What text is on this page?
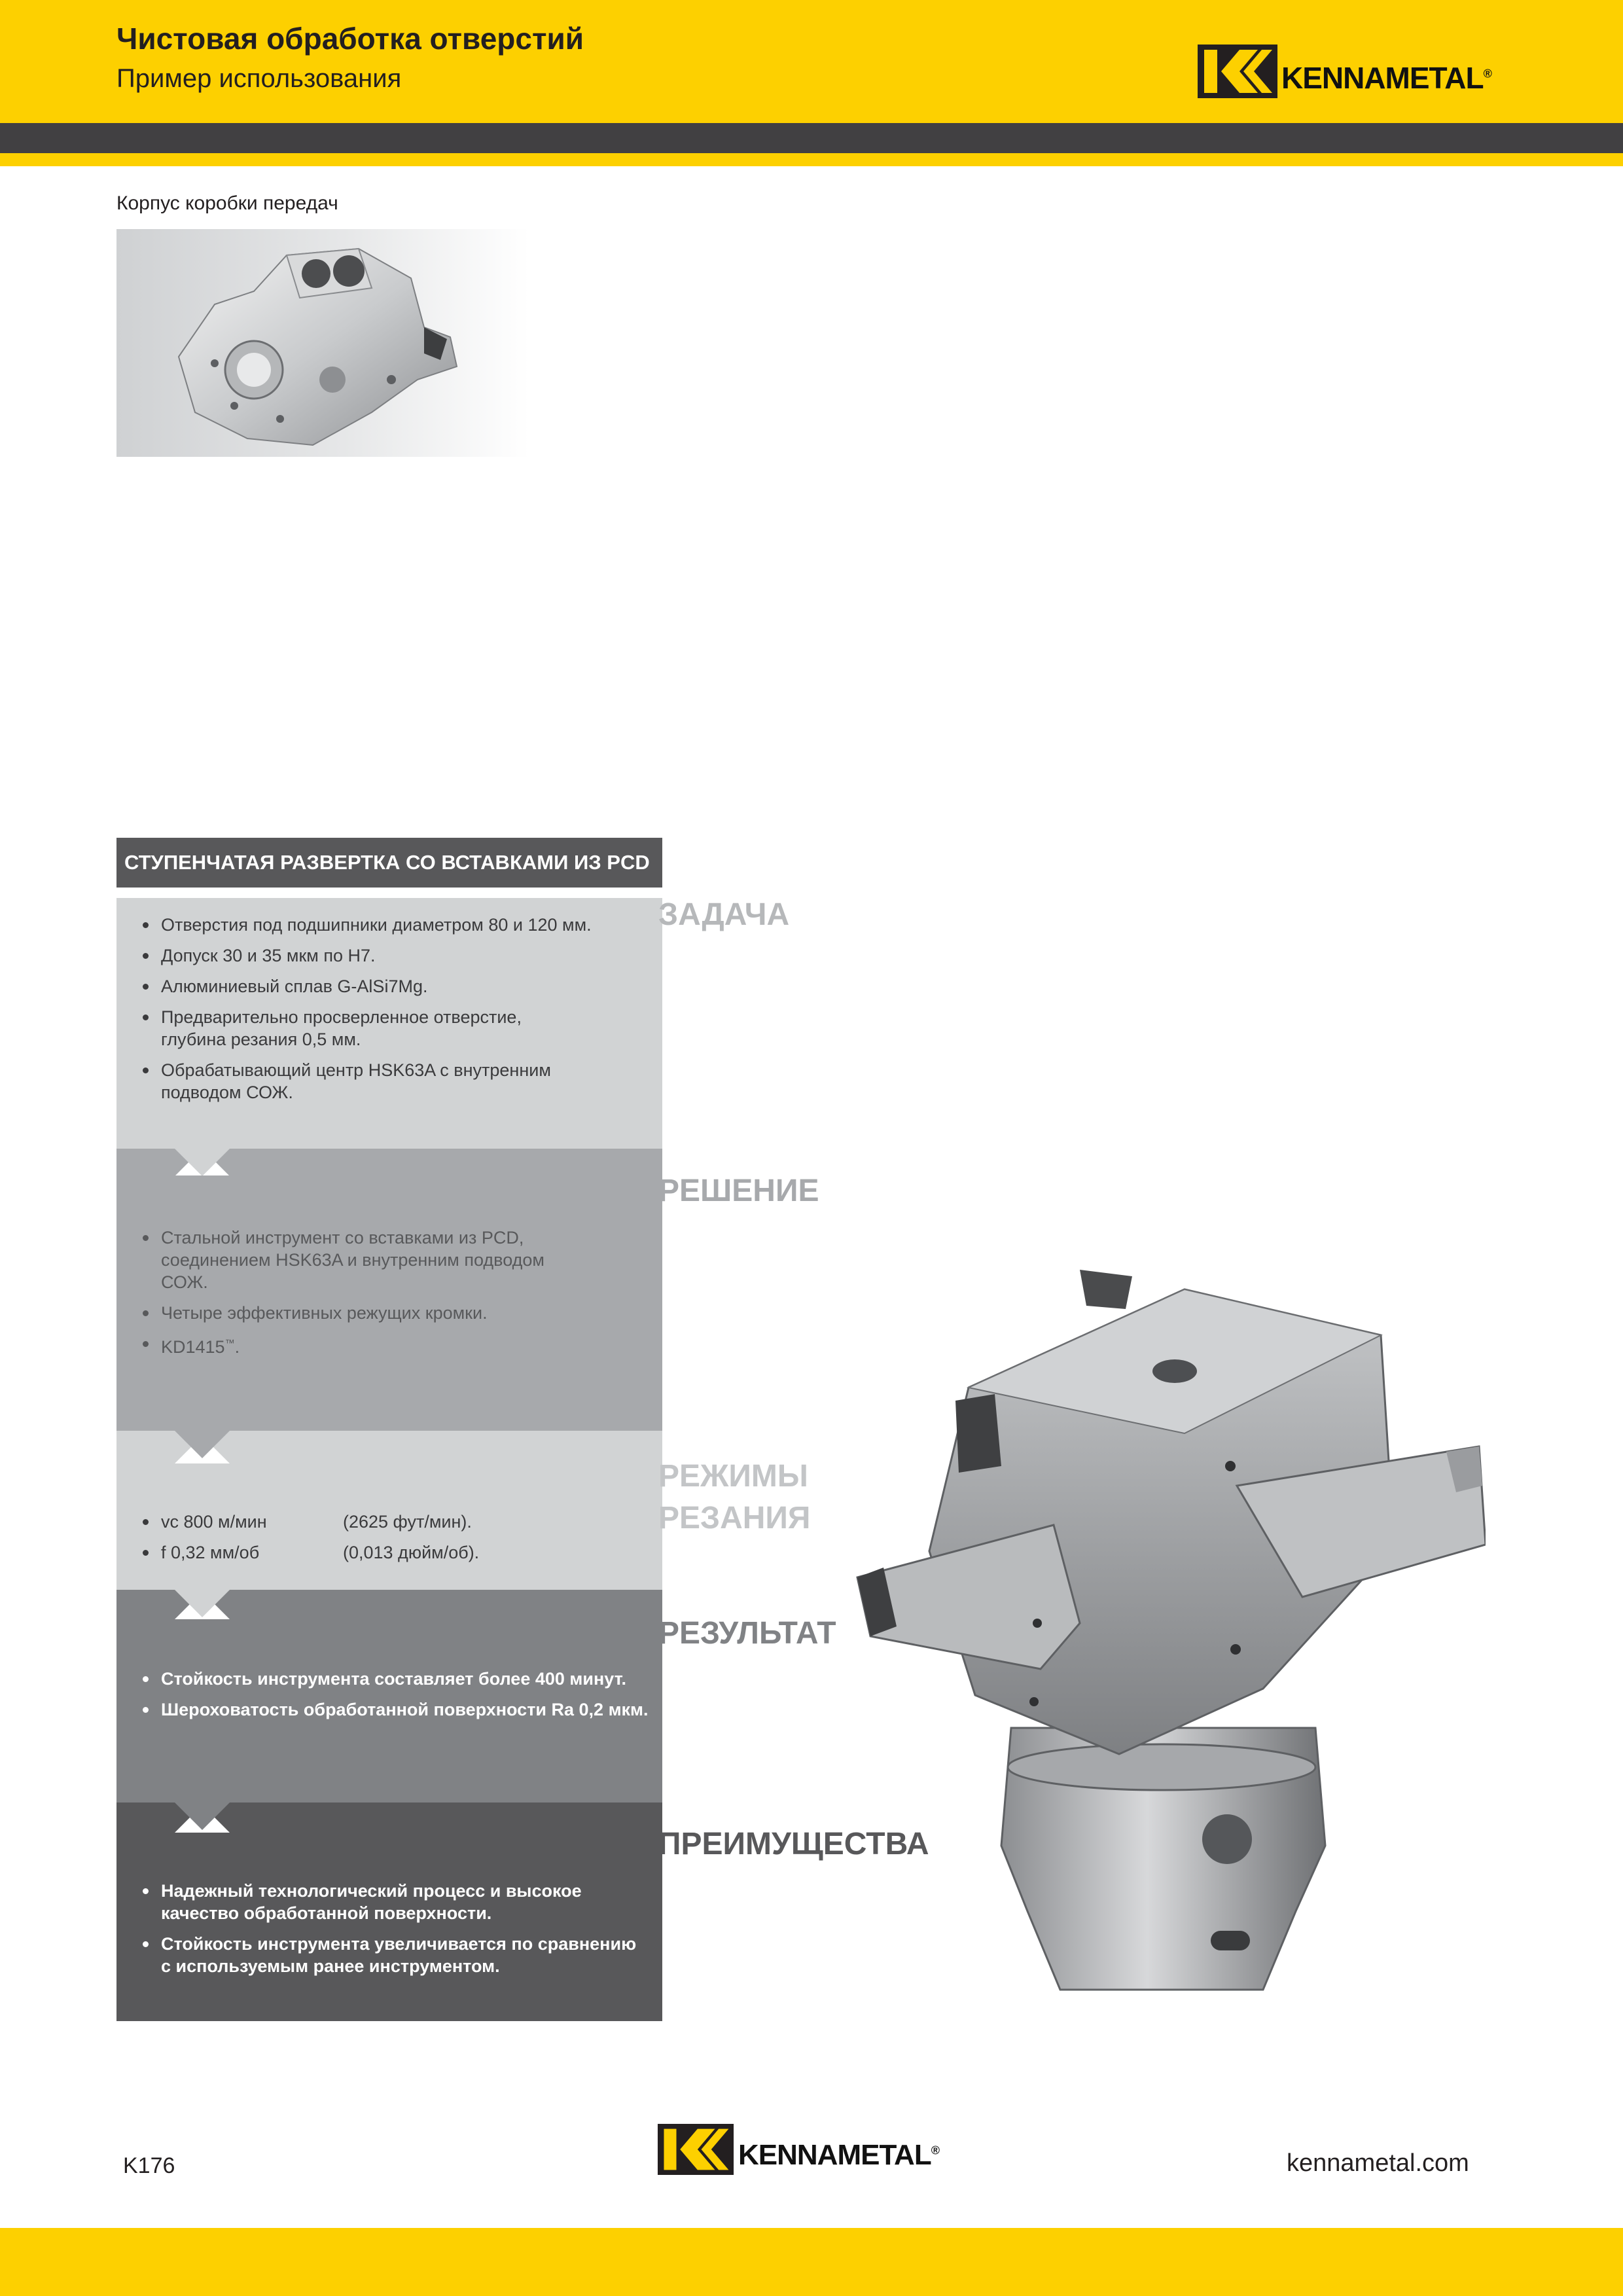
Чистовая обработка отверстий
Пример использования	KENNAMETAL®
Корпус коробки передач
СТУПЕНЧАТАЯ РАЗВЕРТКА СО ВСТАВКАМИ ИЗ PCD
Отверстия под подшипники диаметром 80 и 120 мм.
Допуск 30 и 35 мкм по H7.
Алюминиевый сплав G-AlSi7Mg.
Предварительно просверленное отверстие, глубина резания 0,5 мм.
Обрабатывающий центр HSK63A с внутренним подводом СОЖ.
Стальной инструмент со вставками из PCD, соединением HSK63A и внутренним подводом СОЖ.
Четыре эффективных режущих кромки.
KD1415™.
vc 800 м/мин	(2625 фут/мин).
f 0,32 мм/об	(0,013 дюйм/об).
Стойкость инструмента составляет более 400 минут.
Шероховатость обработанной поверхности Ra 0,2 мкм.
Надежный технологический процесс и высокое качество обработанной поверхности.
Стойкость инструмента увеличивается по сравнению с используемым ранее инструментом.
ЗАДАЧА
РЕШЕНИЕ
РЕЖИМЫ
РЕЗАНИЯ
РЕЗУЛЬТАТ
ПРЕИМУЩЕСТВА
K176	KENNAMETAL®	kennametal.com
